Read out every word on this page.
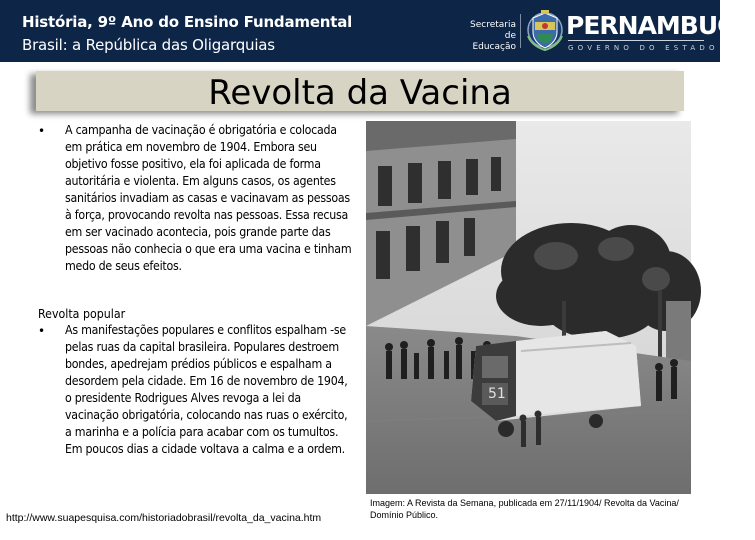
História, 9º Ano do Ensino Fundamental
Brasil: a República das Oligarquias
Secretaria de
Educação
PERNAMBUCO
GOVERNO DO ESTADO
Revolta da Vacina
• A campanha de vacinação é obrigatória e colocada em prática em novembro de 1904. Embora seu objetivo fosse positivo, ela foi aplicada de forma autoritária e violenta. Em alguns casos, os agentes sanitários invadiam as casas e vacinavam as pessoas à força, provocando revolta nas pessoas. Essa recusa em ser vacinado acontecia, pois grande parte das pessoas não conhecia o que era uma vacina e tinham medo de seus efeitos.
Revolta popular
• As manifestações populares e conflitos espalham -se pelas ruas da capital brasileira. Populares destroem bondes, apedrejam prédios públicos e espalham a desordem pela cidade. Em 16 de novembro de 1904, o presidente Rodrigues Alves revoga a lei da vacinação obrigatória, colocando nas ruas o exército, a marinha e a polícia para acabar com os tumultos. Em poucos dias a cidade voltava a calma e a ordem.
51
http://www.suapesquisa.com/historiadobrasil/revolta_da_vacina.htm
Imagem: A Revista da Semana, publicada em 27/11/1904/ Revolta da Vacina/ Domínio Público.
